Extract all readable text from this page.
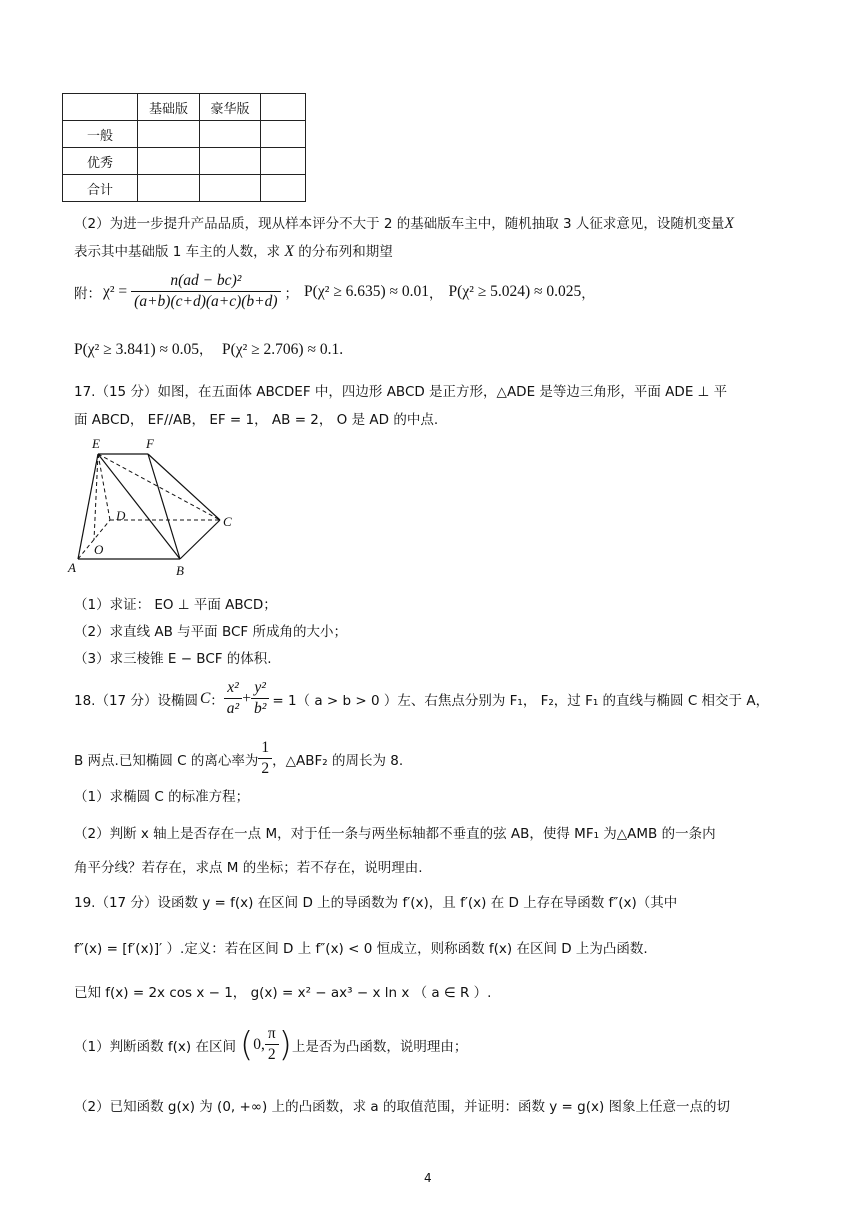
	基础版	豪华版	
一般			
优秀			
合计			
（2）为进一步提升产品品质，现从样本评分不大于 2 的基础版车主中，随机抽取 3 人征求意见，设随机变量X
表示其中基础版 1 车主的人数，求 X 的分布列和期望
附： $\chi^2 = \frac{\text{n(ad − bc)²}}{(a+b)(c+d)(a+c)(b+d)}$ ； P(χ² ≥ 6.635) ≈ 0.01 ， P(χ² ≥ 5.024) ≈ 0.025 ，
P(χ² ≥ 3.841) ≈ 0.05， P(χ² ≥ 2.706) ≈ 0.1.
17.（15 分）如图，在五面体 ABCDEF 中，四边形 ABCD 是正方形，△ADE 是等边三角形，平面 ADE ⊥ 平
面 ABCD， EF//AB， EF = 1， AB = 2， O 是 AD 的中点.
E	F
D	C
O
A	B
（1）求证： EO ⊥ 平面 ABCD；
（2）求直线 AB 与平面 BCF 所成角的大小；
（3）求三棱锥 E − BCF 的体积.
18.（17 分）设椭圆 C ： $\frac{\text{x²}}{\text{a²}} + \frac{\text{y²}}{\text{b²}} = 1$（ a > b > 0 ）左、右焦点分别为 F₁， F₂，过 F₁ 的直线与椭圆 C 相交于 A，
B 两点.已知椭圆 C 的离心率为 $\frac{1}{2}$ ，△ABF₂ 的周长为 8.
（1）求椭圆 C 的标准方程；
（2）判断 x 轴上是否存在一点 M，对于任一条与两坐标轴都不垂直的弦 AB，使得 MF₁ 为△AMB 的一条内
角平分线？若存在，求点 M 的坐标；若不存在，说明理由.
19.（17 分）设函数 y = f(x) 在区间 D 上的导函数为 f′(x)，且 f′(x) 在 D 上存在导函数 f″(x)（其中
f″(x) = [f′(x)]′ ）.定义：若在区间 D 上 f″(x) < 0 恒成立，则称函数 f(x) 在区间 D 上为凸函数.
已知 f(x) = 2x cos x − 1， g(x) = x² − ax³ − x ln x （ a ∈ R ）.
（1）判断函数 f(x) 在区间 ( 0, $\frac{\pi}{2}$ ) 上是否为凸函数，说明理由；
（2）已知函数 g(x) 为 (0, +∞) 上的凸函数，求 a 的取值范围，并证明：函数 y = g(x) 图象上任意一点的切
4
